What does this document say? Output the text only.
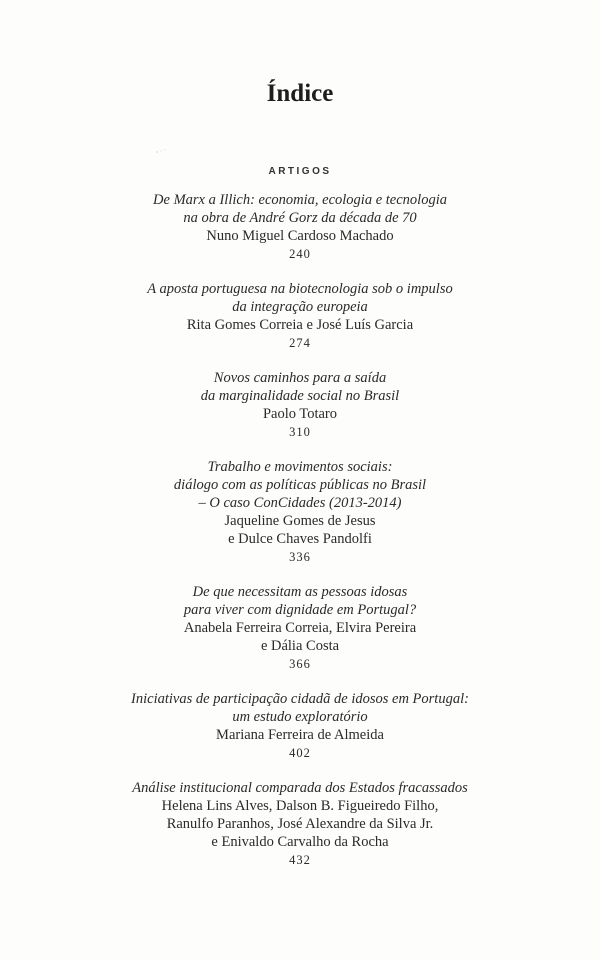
Índice
ARTIGOS
De Marx a Illich: economia, ecologia e tecnologia
na obra de André Gorz da década de 70
Nuno Miguel Cardoso Machado
240
A aposta portuguesa na biotecnologia sob o impulso
da integração europeia
Rita Gomes Correia e José Luís Garcia
274
Novos caminhos para a saída
da marginalidade social no Brasil
Paolo Totaro
310
Trabalho e movimentos sociais:
diálogo com as políticas públicas no Brasil
– O caso ConCidades (2013-2014)
Jaqueline Gomes de Jesus
e Dulce Chaves Pandolfi
336
De que necessitam as pessoas idosas
para viver com dignidade em Portugal?
Anabela Ferreira Correia, Elvira Pereira
e Dália Costa
366
Iniciativas de participação cidadã de idosos em Portugal:
um estudo exploratório
Mariana Ferreira de Almeida
402
Análise institucional comparada dos Estados fracassados
Helena Lins Alves, Dalson B. Figueiredo Filho,
Ranulfo Paranhos, José Alexandre da Silva Jr.
e Enivaldo Carvalho da Rocha
432
